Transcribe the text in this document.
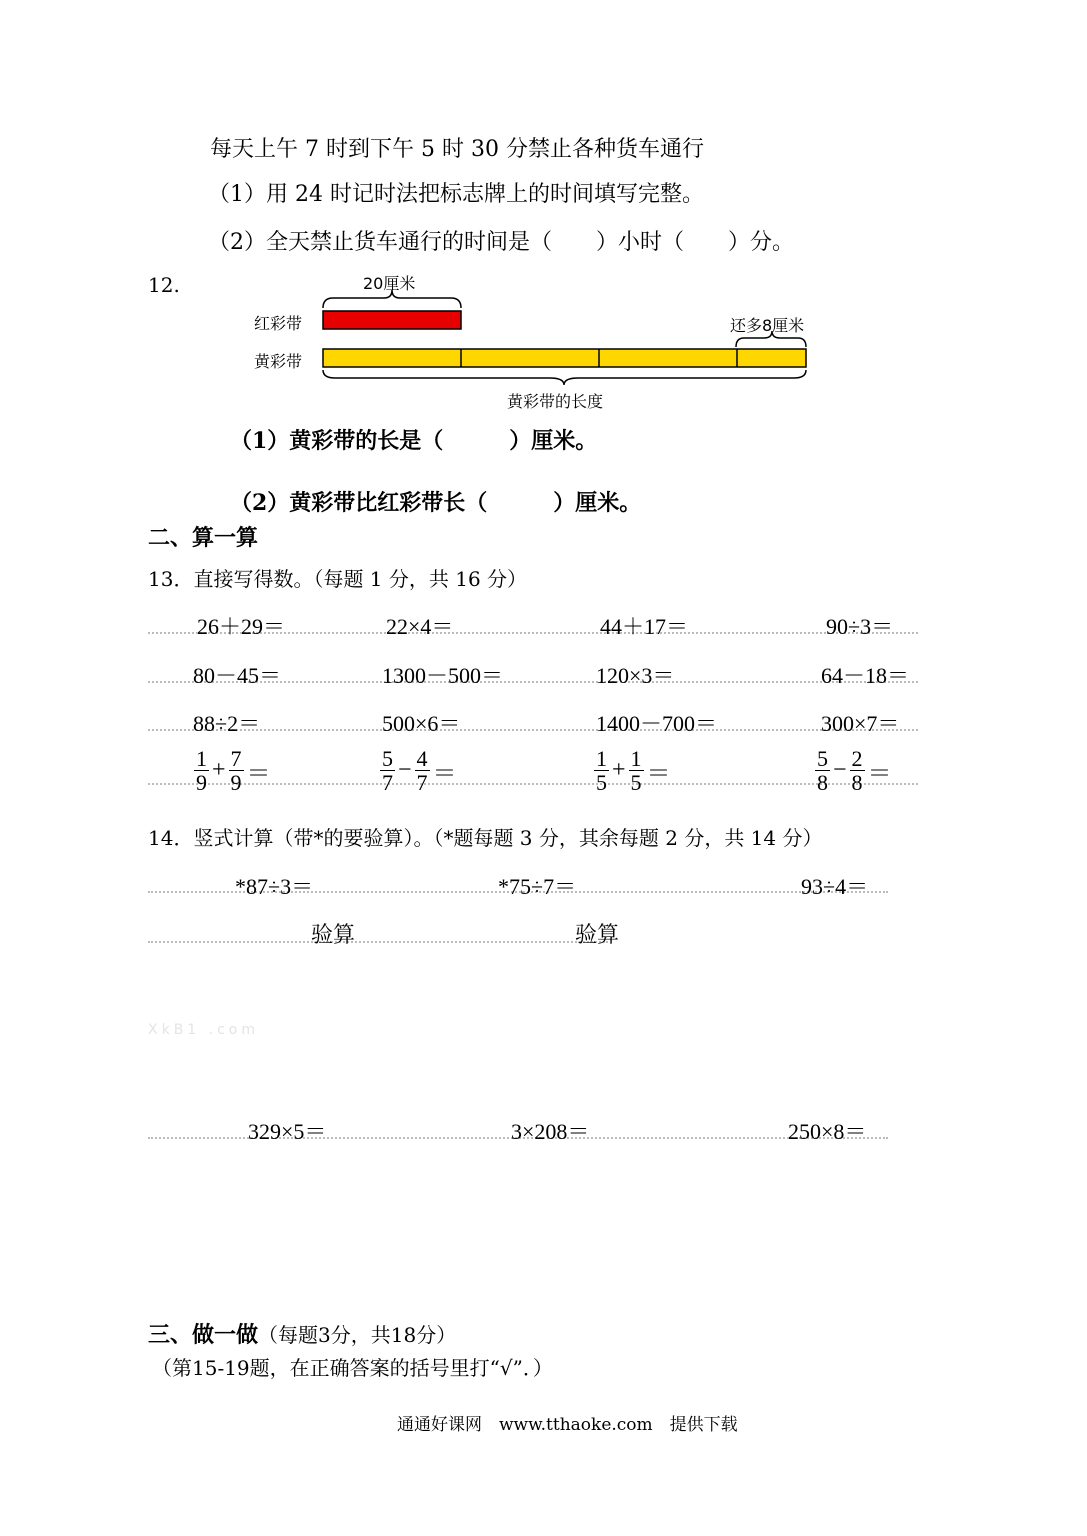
每天上午 7 时到下午 5 时 30 分禁止各种货车通行
（1）用 24 时记时法把标志牌上的时间填写完整。
（2）全天禁止货车通行的时间是（　　）小时（　　）分。
12.	20厘米
红彩带	还多8厘米
黄彩带
黄彩带的长度
（1）黄彩带的长是（　　　）厘米。
（2）黄彩带比红彩带长（　　　）厘米。
二、算一算
13．直接写得数。（每题 1 分，共 16 分）
26＋29＝	22×4＝	44＋17＝	90÷3＝
80－45＝	1300－500＝	120×3＝	64－18＝
88÷2＝	500×6＝	1400－700＝	300×7＝
$\frac{1}{9} + \frac{7}{9}$ ＝	$\frac{5}{7} - \frac{4}{7}$ ＝	$\frac{1}{5} + \frac{1}{5}$ ＝	$\frac{5}{8} - \frac{2}{8}$ ＝
14．竖式计算（带*的要验算）。（*题每题 3 分，其余每题 2 分，共 14 分）
*87÷3＝	*75÷7＝	93÷4＝
验算	验算
XkB1 .com
329×5＝	3×208＝	250×8＝
三、做一做（每题3分，共18分）
（第15-19题，在正确答案的括号里打“√”．）
通通好课网　www.tthaoke.com　提供下载
